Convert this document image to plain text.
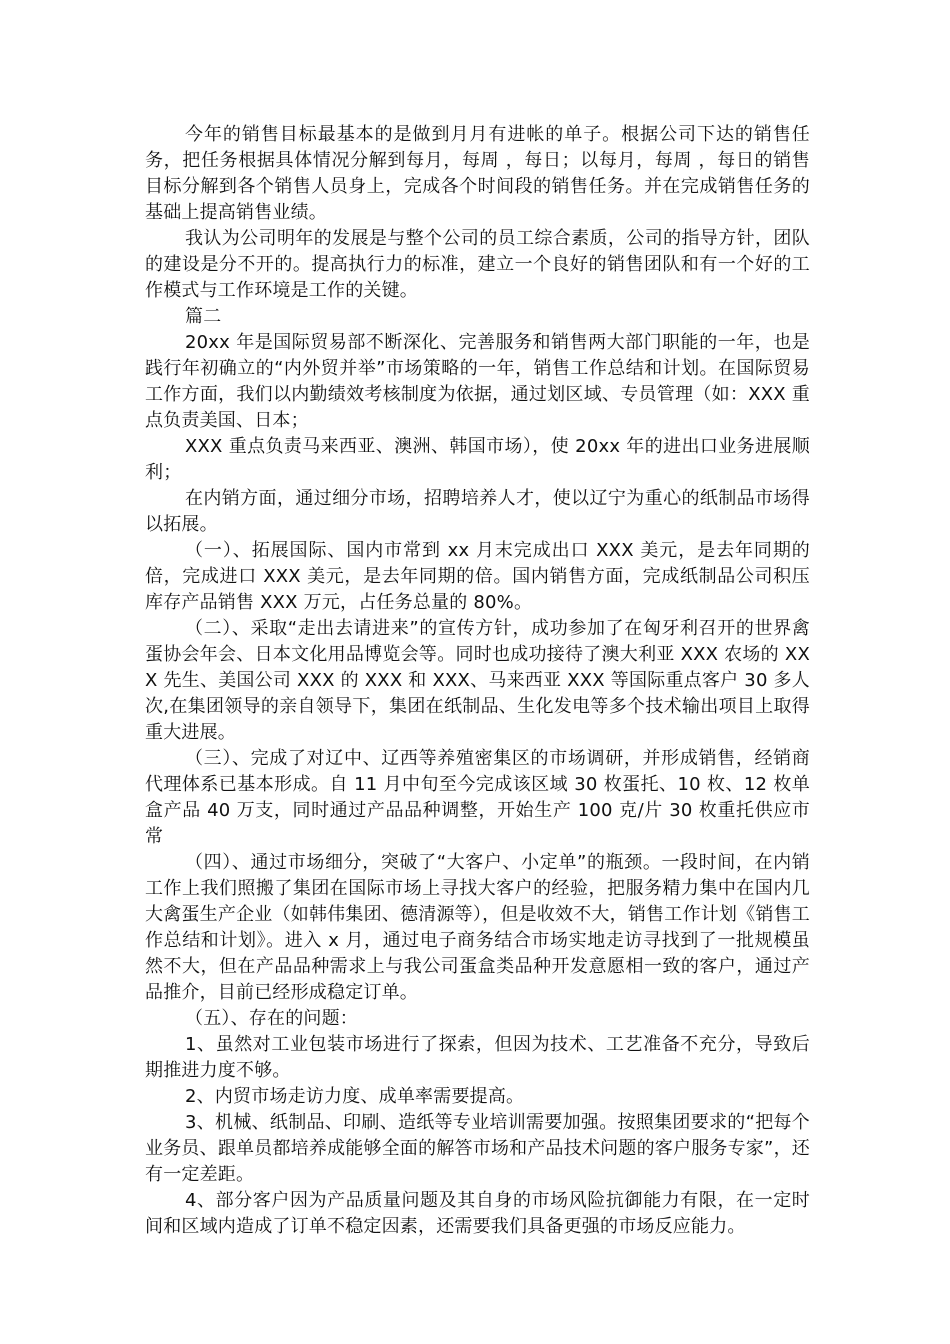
今年的销售目标最基本的是做到月月有进帐的单子。根据公司下达的销售任务，把任务根据具体情况分解到每月，每周 ，每日；以每月，每周 ，每日的销售目标分解到各个销售人员身上，完成各个时间段的销售任务。并在完成销售任务的基础上提高销售业绩。

我认为公司明年的发展是与整个公司的员工综合素质，公司的指导方针，团队的建设是分不开的。提高执行力的标准，建立一个良好的销售团队和有一个好的工作模式与工作环境是工作的关键。

篇二

20xx 年是国际贸易部不断深化、完善服务和销售两大部门职能的一年，也是践行年初确立的“内外贸并举”市场策略的一年，销售工作总结和计划。在国际贸易工作方面，我们以内勤绩效考核制度为依据，通过划区域、专员管理（如：XXX 重点负责美国、日本；

XXX 重点负责马来西亚、澳洲、韩国市场），使 20xx 年的进出口业务进展顺利；

在内销方面，通过细分市场，招聘培养人才，使以辽宁为重心的纸制品市场得以拓展。

（一）、拓展国际、国内市常到 xx 月末完成出口 XXX 美元，是去年同期的倍，完成进口 XXX 美元，是去年同期的倍。国内销售方面，完成纸制品公司积压库存产品销售 XXX 万元，占任务总量的 80%。

（二）、采取“走出去请进来”的宣传方针，成功参加了在匈牙利召开的世界禽蛋协会年会、日本文化用品博览会等。同时也成功接待了澳大利亚 XXX 农场的 XXX 先生、美国公司 XXX 的 XXX 和 XXX、马来西亚 XXX 等国际重点客户 30 多人次,在集团领导的亲自领导下，集团在纸制品、生化发电等多个技术输出项目上取得重大进展。

（三）、完成了对辽中、辽西等养殖密集区的市场调研，并形成销售，经销商代理体系已基本形成。自 11 月中旬至今完成该区域 30 枚蛋托、10 枚、12 枚单盒产品 40 万支，同时通过产品品种调整，开始生产 100 克/片 30 枚重托供应市常

（四）、通过市场细分，突破了“大客户、小定单”的瓶颈。一段时间，在内销工作上我们照搬了集团在国际市场上寻找大客户的经验，把服务精力集中在国内几大禽蛋生产企业（如韩伟集团、德清源等），但是收效不大，销售工作计划《销售工作总结和计划》。进入 x 月，通过电子商务结合市场实地走访寻找到了一批规模虽然不大，但在产品品种需求上与我公司蛋盒类品种开发意愿相一致的客户，通过产品推介，目前已经形成稳定订单。

（五）、存在的问题：

1、虽然对工业包装市场进行了探索，但因为技术、工艺准备不充分，导致后期推进力度不够。

2、内贸市场走访力度、成单率需要提高。

3、机械、纸制品、印刷、造纸等专业培训需要加强。按照集团要求的“把每个业务员、跟单员都培养成能够全面的解答市场和产品技术问题的客户服务专家”，还有一定差距。

4、部分客户因为产品质量问题及其自身的市场风险抗御能力有限，在一定时间和区域内造成了订单不稳定因素，还需要我们具备更强的市场反应能力。
